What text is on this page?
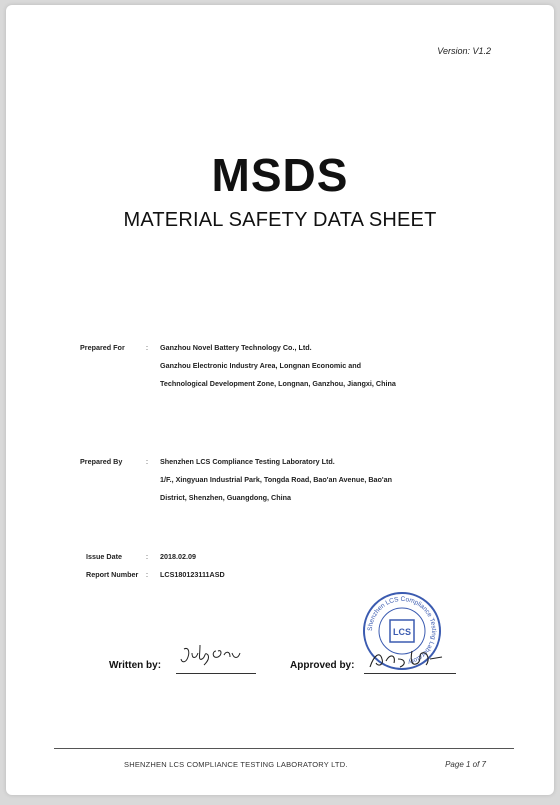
Version: V1.2
MSDS
MATERIAL SAFETY DATA SHEET
Prepared For	:	Ganzhou Novel Battery Technology Co., Ltd.
Ganzhou Electronic Industry Area, Longnan Economic and
Technological Development Zone, Longnan, Ganzhou, Jiangxi, China
Prepared By	:	Shenzhen LCS Compliance Testing Laboratory Ltd.
1/F., Xingyuan Industrial Park, Tongda Road, Bao'an Avenue, Bao'an
District, Shenzhen, Guangdong, China
Issue Date	:	2018.02.09
Report Number	:	LCS180123111ASD
Written by:	Approved by:
Shenzhen LCS Compliance Testing Laboratory
LCS
SHENZHEN LCS COMPLIANCE TESTING LABORATORY LTD.	Page 1 of 7
